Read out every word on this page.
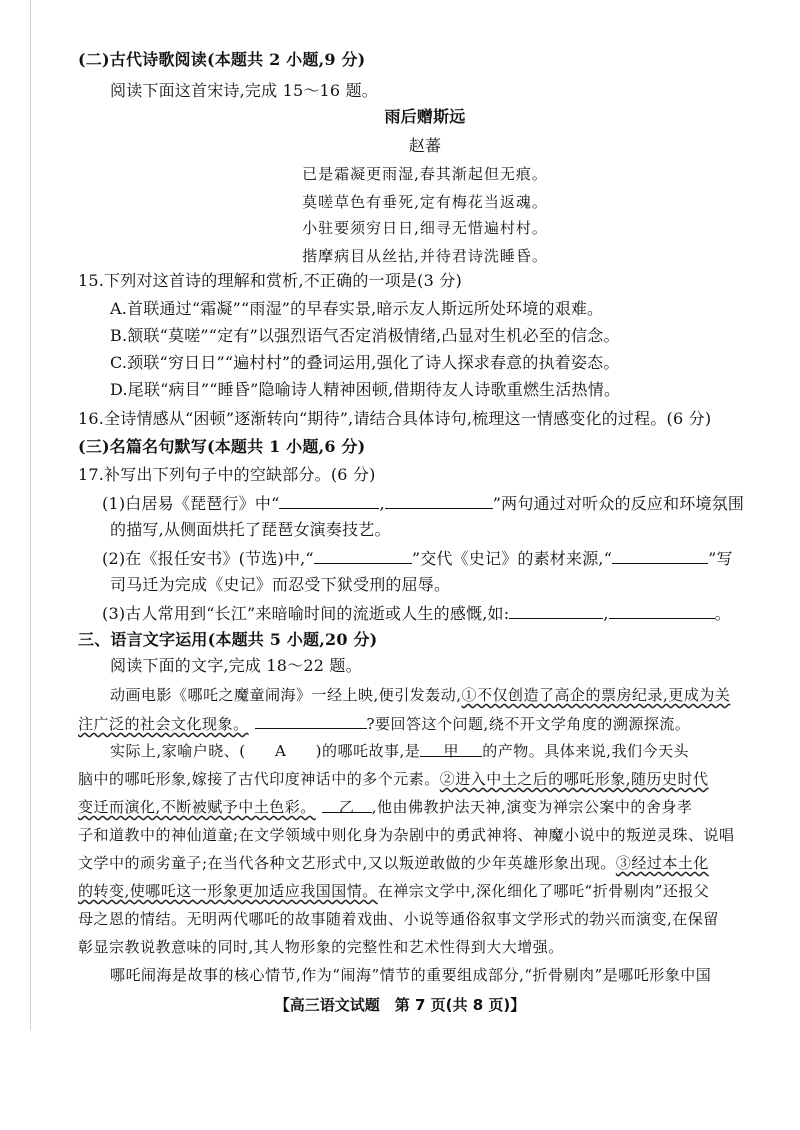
(二)古代诗歌阅读(本题共 2 小题,9 分)
阅读下面这首宋诗,完成 15～16 题。
雨后赠斯远
赵蕃
已是霜凝更雨湿,春其渐起但无痕。
莫嗟草色有垂死,定有梅花当返魂。
小驻要须穷日日,细寻无惜遍村村。
揩摩病目从丝拈,并待君诗洗睡昏。
15.下列对这首诗的理解和赏析,不正确的一项是(3 分)
A.首联通过“霜凝”“雨湿”的早春实景,暗示友人斯远所处环境的艰难。
B.颔联“莫嗟”“定有”以强烈语气否定消极情绪,凸显对生机必至的信念。
C.颈联“穷日日”“遍村村”的叠词运用,强化了诗人探求春意的执着姿态。
D.尾联“病目”“睡昏”隐喻诗人精神困顿,借期待友人诗歌重燃生活热情。
16.全诗情感从“困顿”逐渐转向“期待”,请结合具体诗句,梳理这一情感变化的过程。(6 分)
(三)名篇名句默写(本题共 1 小题,6 分)
17.补写出下列句子中的空缺部分。(6 分)
(1)白居易《琵琶行》中“	,	”两句通过对听众的反应和环境氛围
的描写,从侧面烘托了琵琶女演奏技艺。
(2)在《报任安书》(节选)中,“	”交代《史记》的素材来源,“	”写
司马迁为完成《史记》而忍受下狱受刑的屈辱。
(3)古人常用到“长江”来暗喻时间的流逝或人生的感慨,如:	,	。
三、语言文字运用(本题共 5 小题,20 分)
阅读下面的文字,完成 18～22 题。
动画电影《哪吒之魔童闹海》一经上映,便引发轰动,①不仅创造了高企的票房纪录,更成为关
注广泛的社会文化现象。	?要回答这个问题,绕不开文学角度的溯源探流。
实际上,家喻户晓、( A )的哪吒故事,是 甲 的产物。具体来说,我们今天头
脑中的哪吒形象,嫁接了古代印度神话中的多个元素。②进入中土之后的哪吒形象,随历史时代
变迁而演化,不断被赋予中土色彩。 乙 ,他由佛教护法天神,演变为禅宗公案中的舍身孝
子和道教中的神仙道童;在文学领域中则化身为杂剧中的勇武神将、神魔小说中的叛逆灵珠、说唱
文学中的顽劣童子;在当代各种文艺形式中,又以叛逆敢做的少年英雄形象出现。③经过本土化
的转变,使哪吒这一形象更加适应我国国情。在禅宗文学中,深化细化了哪吒“折骨剔肉”还报父
母之恩的情结。无明两代哪吒的故事随着戏曲、小说等通俗叙事文学形式的勃兴而演变,在保留
彰显宗教说教意味的同时,其人物形象的完整性和艺术性得到大大增强。
哪吒闹海是故事的核心情节,作为“闹海”情节的重要组成部分,“折骨剔肉”是哪吒形象中国
【高三语文试题　第 7 页(共 8 页)】
